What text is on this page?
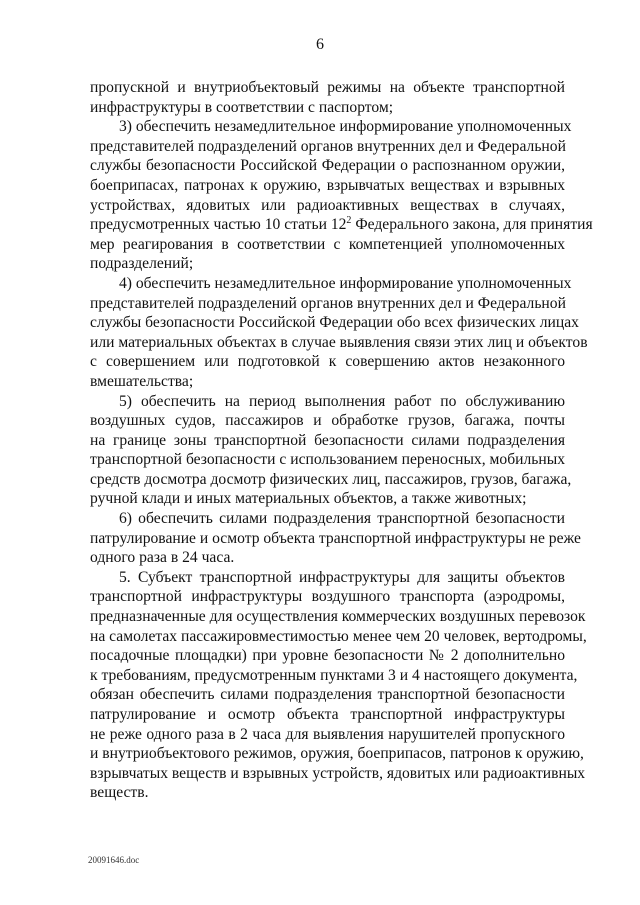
6
пропускной и внутриобъектовый режимы на объекте транспортной
инфраструктуры в соответствии с паспортом;
3) обеспечить незамедлительное информирование уполномоченных
представителей подразделений органов внутренних дел и Федеральной
службы безопасности Российской Федерации о распознанном оружии,
боеприпасах, патронах к оружию, взрывчатых веществах и взрывных
устройствах, ядовитых или радиоактивных веществах в случаях,
предусмотренных частью 10 статьи $12^2$ Федерального закона, для принятия
мер реагирования в соответствии с компетенцией уполномоченных
подразделений;
4) обеспечить незамедлительное информирование уполномоченных
представителей подразделений органов внутренних дел и Федеральной
службы безопасности Российской Федерации обо всех физических лицах
или материальных объектах в случае выявления связи этих лиц и объектов
с совершением или подготовкой к совершению актов незаконного
вмешательства;
5) обеспечить на период выполнения работ по обслуживанию
воздушных судов, пассажиров и обработке грузов, багажа, почты
на границе зоны транспортной безопасности силами подразделения
транспортной безопасности с использованием переносных, мобильных
средств досмотра досмотр физических лиц, пассажиров, грузов, багажа,
ручной клади и иных материальных объектов, а также животных;
6) обеспечить силами подразделения транспортной безопасности
патрулирование и осмотр объекта транспортной инфраструктуры не реже
одного раза в 24 часа.
5. Субъект транспортной инфраструктуры для защиты объектов
транспортной инфраструктуры воздушного транспорта (аэродромы,
предназначенные для осуществления коммерческих воздушных перевозок
на самолетах пассажировместимостью менее чем 20 человек, вертодромы,
посадочные площадки) при уровне безопасности № 2 дополнительно
к требованиям, предусмотренным пунктами 3 и 4 настоящего документа,
обязан обеспечить силами подразделения транспортной безопасности
патрулирование и осмотр объекта транспортной инфраструктуры
не реже одного раза в 2 часа для выявления нарушителей пропускного
и внутриобъектового режимов, оружия, боеприпасов, патронов к оружию,
взрывчатых веществ и взрывных устройств, ядовитых или радиоактивных
веществ.
20091646.doc
